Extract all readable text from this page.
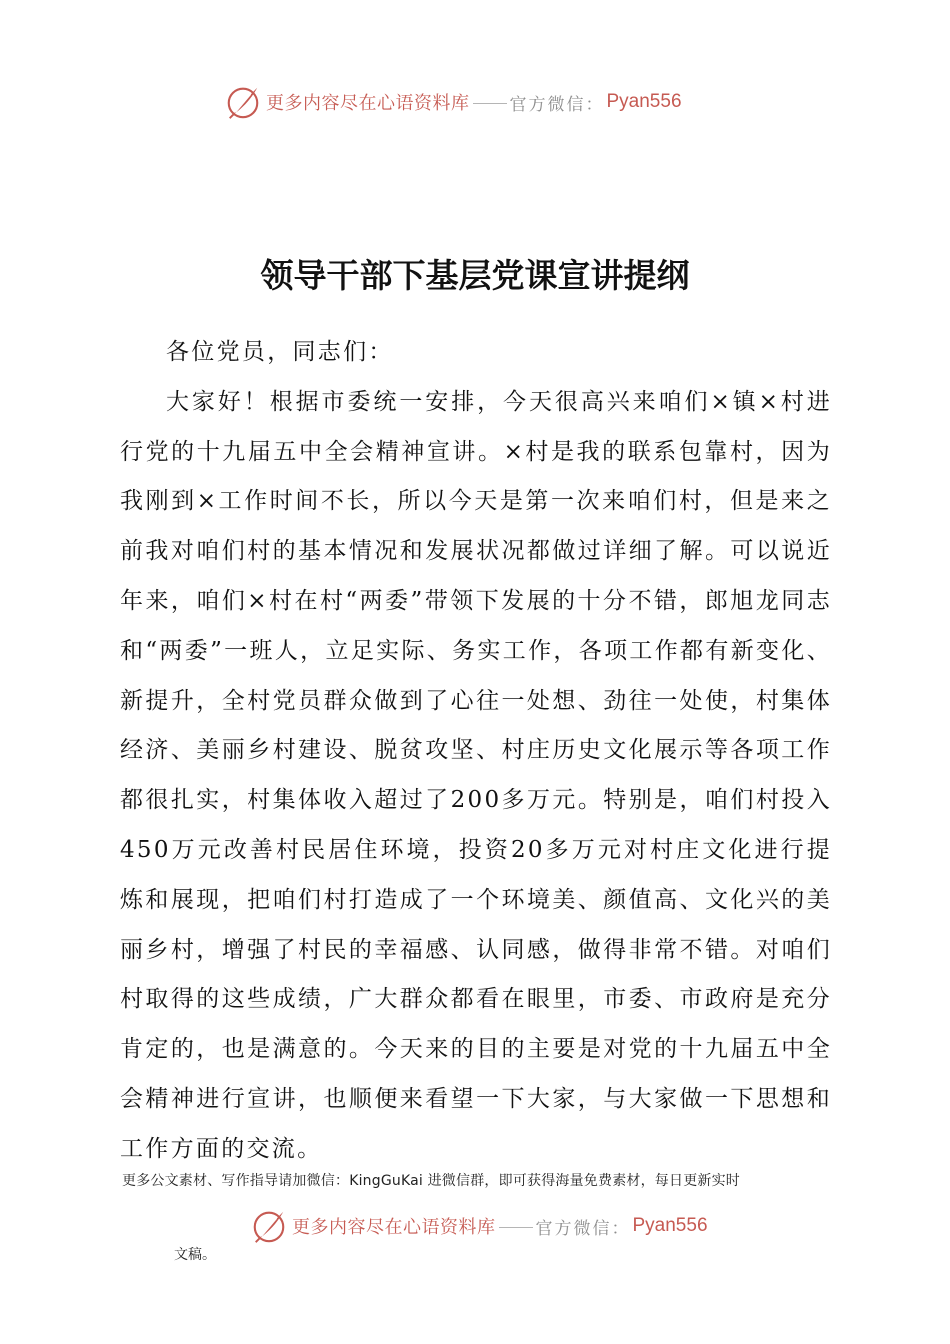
更多内容尽在心语资料库 官方微信： Pyan556
领导干部下基层党课宣讲提纲

各位党员，同志们：

大家好！根据市委统一安排，今天很高兴来咱们×镇×村进行党的十九届五中全会精神宣讲。×村是我的联系包靠村，因为我刚到×工作时间不长，所以今天是第一次来咱们村，但是来之前我对咱们村的基本情况和发展状况都做过详细了解。可以说近年来，咱们×村在村“两委”带领下发展的十分不错，郎旭龙同志和“两委”一班人，立足实际、务实工作，各项工作都有新变化、新提升，全村党员群众做到了心往一处想、劲往一处使，村集体经济、美丽乡村建设、脱贫攻坚、村庄历史文化展示等各项工作都很扎实，村集体收入超过了200多万元。特别是，咱们村投入450万元改善村民居住环境，投资20多万元对村庄文化进行提炼和展现，把咱们村打造成了一个环境美、颜值高、文化兴的美丽乡村，增强了村民的幸福感、认同感，做得非常不错。对咱们村取得的这些成绩，广大群众都看在眼里，市委、市政府是充分肯定的，也是满意的。今天来的目的主要是对党的十九届五中全会精神进行宣讲，也顺便来看望一下大家，与大家做一下思想和工作方面的交流。

更多公文素材、写作指导请加微信：KingGuKai 进微信群，即可获得海量免费素材，每日更新实时
更多内容尽在心语资料库 官方微信： Pyan556
文稿。
